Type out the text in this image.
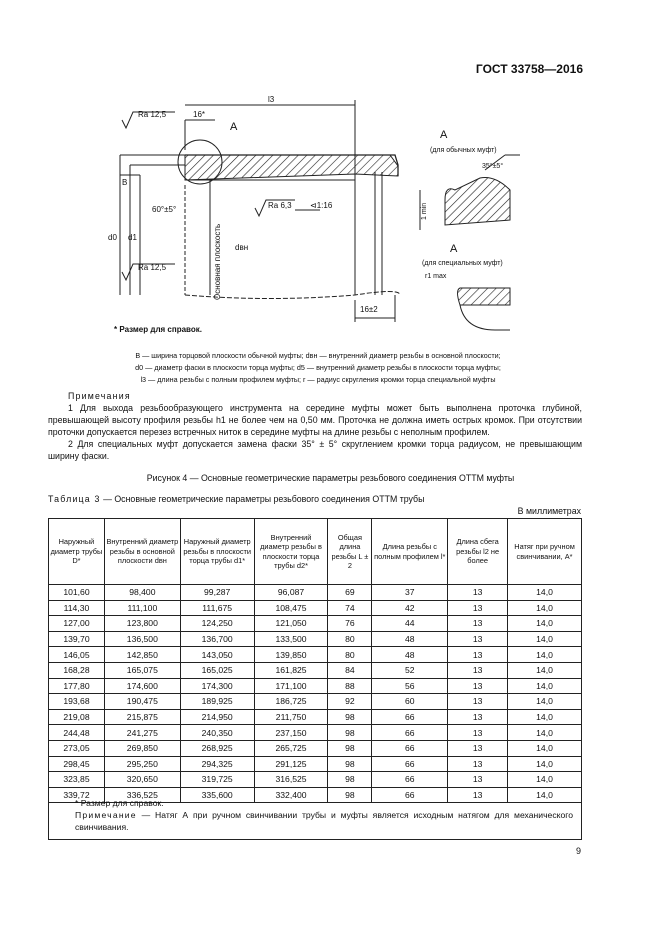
ГОСТ 33758—2016
А
Ra 12,5	16*
l3
B
d0 d1
dвн
60°±5°	Ra 6,3 ⊲1:16
Ra 12,5
16±2
Основная плоскость
А
(для обычных муфт)
35°±5°
1 min
А
(для специальных муфт)
r1 max
* Размер для справок.
B — ширина торцовой плоскости обычной муфты; dвн — внутренний диаметр резьбы в основной плоскости;
d0 — диаметр фаски в плоскости торца муфты; d5 — внутренний диаметр резьбы в плоскости торца муфты;
l3 — длина резьбы с полным профилем муфты; r — радиус скругления кромки торца специальной муфты
Примечания

1 Для выхода резьбообразующего инструмента на середине муфты может быть выполнена проточка глубиной, превышающей высоту профиля резьбы h1 не более чем на 0,50 мм. Проточка не должна иметь острых кромок. При отсутствии проточки допускается перезез встречных ниток в середине муфты на длине резьбы с неполным профилем.

2 Для специальных муфт допускается замена фаски 35° ± 5° скруглением кромки торца радиусом, не превышающим ширину фаски.

Рисунок 4 — Основные геометрические параметры резьбового соединения ОТТМ муфты
Таблица 3 — Основные геометрические параметры резьбового соединения ОТТМ трубы
В миллиметрах
Наружный диаметр трубы D*	Внутренний диаметр резьбы в основной плоскости dвн	Наружный диаметр резьбы в плоскости торца трубы d1*	Внутренний диаметр резьбы в плоскости торца трубы d2*	Общая длина резьбы L ± 2	Длина резьбы с полным профилем l*	Длина сбега резьбы l2 не более	Натяг при ручном свинчивании, A*
101,60	98,400	99,287	96,087	69	37	13	14,0
114,30	111,100	111,675	108,475	74	42	13	14,0
127,00	123,800	124,250	121,050	76	44	13	14,0
139,70	136,500	136,700	133,500	80	48	13	14,0
146,05	142,850	143,050	139,850	80	48	13	14,0
168,28	165,075	165,025	161,825	84	52	13	14,0
177,80	174,600	174,300	171,100	88	56	13	14,0
193,68	190,475	189,925	186,725	92	60	13	14,0
219,08	215,875	214,950	211,750	98	66	13	14,0
244,48	241,275	240,350	237,150	98	66	13	14,0
273,05	269,850	268,925	265,725	98	66	13	14,0
298,45	295,250	294,325	291,125	98	66	13	14,0
323,85	320,650	319,725	316,525	98	66	13	14,0
339,72	336,525	335,600	332,400	98	66	13	14,0
* Размер для справок.
Примечание — Натяг А при ручном свинчивании трубы и муфты является исходным натягом для механического свинчивания.
9
